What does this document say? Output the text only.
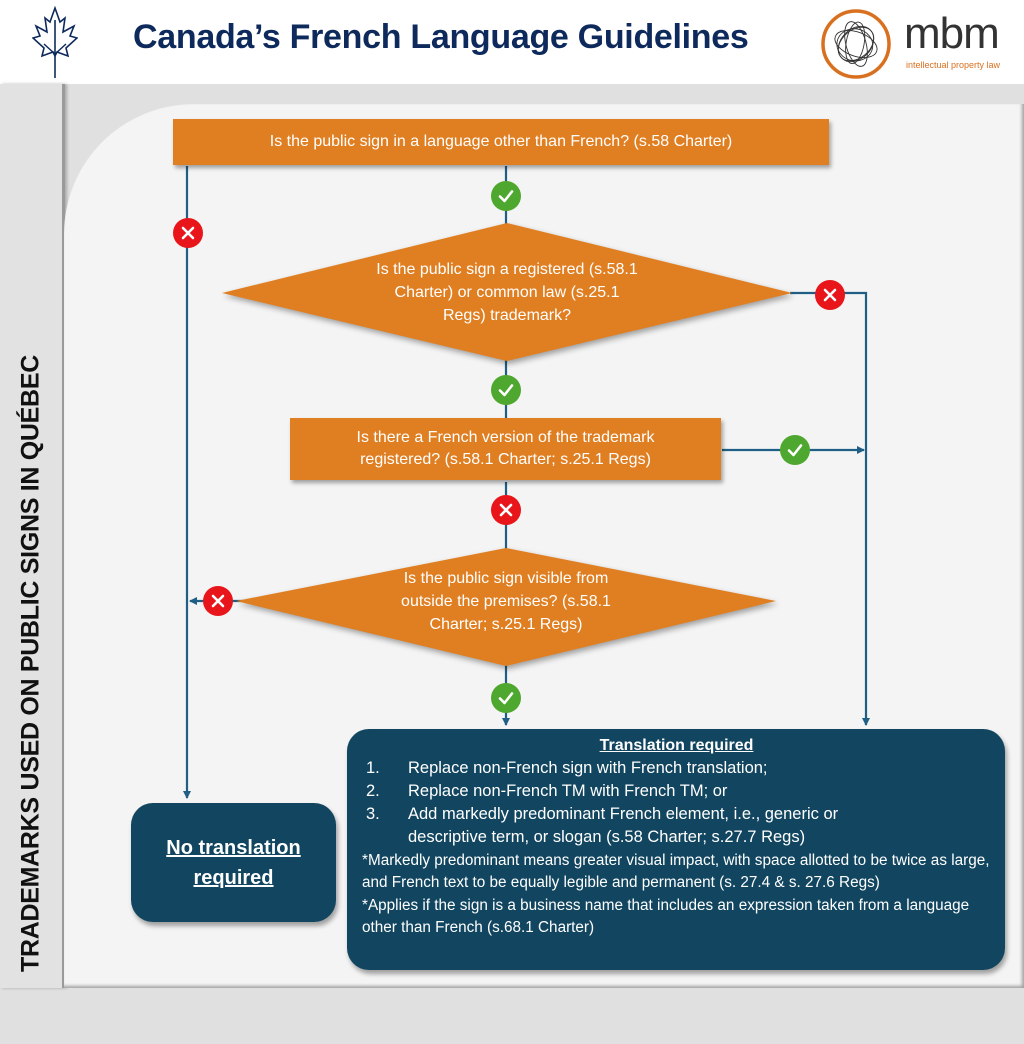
Canada’s French Language Guidelines	mbm
intellectual property law
TRADEMARKS USED ON PUBLIC SIGNS IN QUÉBEC
Is the public sign in a language other than French? (s.58 Charter)
Is the public sign a registered (s.58.1 Charter) or common law (s.25.1 Regs) trademark?
Is there a French version of the trademark registered? (s.58.1 Charter; s.25.1 Regs)
Is the public sign visible from outside the premises? (s.58.1 Charter; s.25.1 Regs)
No translation required
Translation required
1.	Replace non-French sign with French translation;
2.	Replace non-French TM with French TM; or
3.	Add markedly predominant French element, i.e., generic or descriptive term, or slogan (s.58 Charter; s.27.7 Regs)
*Markedly predominant means greater visual impact, with space allotted to be twice as large, and French text to be equally legible and permanent (s. 27.4 & s. 27.6 Regs)
*Applies if the sign is a business name that includes an expression taken from a language other than French (s.68.1 Charter)
